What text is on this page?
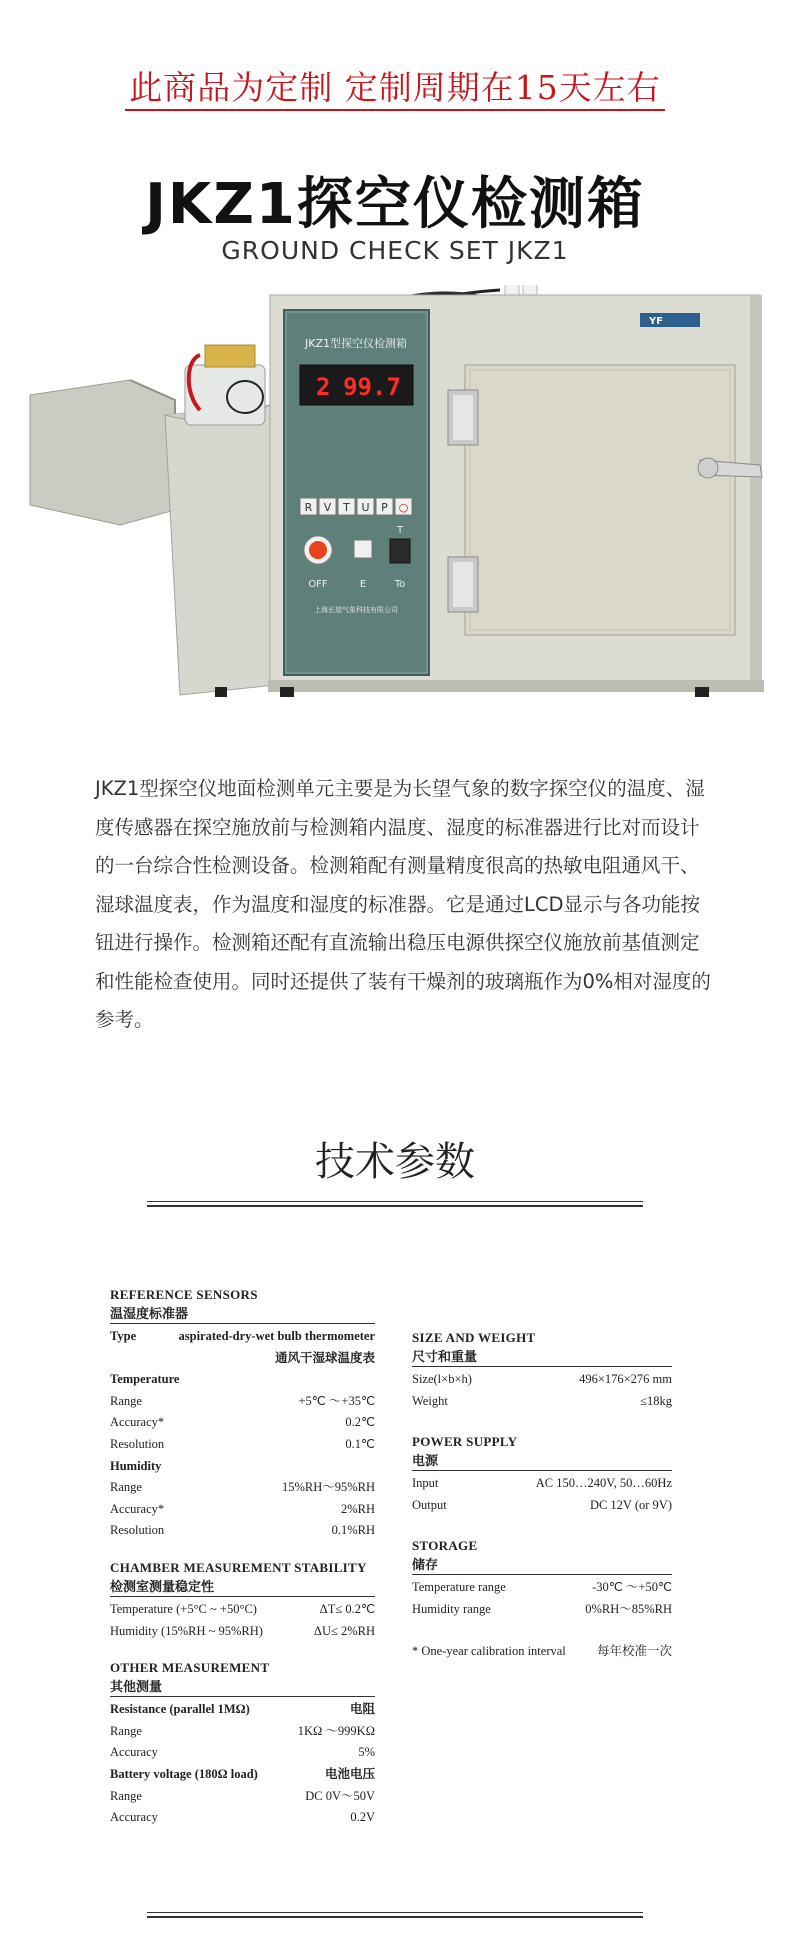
此商品为定制 定制周期在15天左右
JKZ1探空仪检测箱
GROUND CHECK SET JKZ1
JKZ1型探空仪检测箱
2 99.7
R V T U P ○
OFF	E
T
To
上海长望气象科技有限公司
YF

JKZ1型探空仪地面检测单元主要是为长望气象的数字探空仪的温度、湿度传感器在探空施放前与检测箱内温度、湿度的标准器进行比对而设计的一台综合性检测设备。检测箱配有测量精度很高的热敏电阻通风干、湿球温度表，作为温度和湿度的标准器。它是通过LCD显示与各功能按钮进行操作。检测箱还配有直流输出稳压电源供探空仪施放前基值测定和性能检查使用。同时还提供了装有干燥剂的玻璃瓶作为0%相对湿度的参考。

技术参数
REFERENCE SENSORS
温湿度标准器
Type	aspirated-dry-wet bulb thermometer
通风干湿球温度表
Temperature
Range	+5℃ ～+35℃
Accuracy*	0.2℃
Resolution	0.1℃
Humidity
Range	15%RH～95%RH
Accuracy*	2%RH
Resolution	0.1%RH
CHAMBER MEASUREMENT STABILITY
检测室测量稳定性
Temperature (+5°C ~ +50°C)	ΔT≤ 0.2℃
Humidity (15%RH ~ 95%RH)	ΔU≤ 2%RH
OTHER MEASUREMENT
其他测量
Resistance (parallel 1MΩ)	电阻
Range	1KΩ ～999KΩ
Accuracy	5%
Battery voltage (180Ω load)	电池电压
Range	DC 0V～50V
Accuracy	0.2V
SIZE AND WEIGHT
尺寸和重量
Size(l×b×h)	496×176×276 mm
Weight	≤18kg
POWER SUPPLY
电源
Input	AC 150…240V, 50…60Hz
Output	DC 12V (or 9V)
STORAGE
储存
Temperature range	-30℃ ～+50℃
Humidity range	0%RH～85%RH
* One-year calibration interval 每年校准一次
